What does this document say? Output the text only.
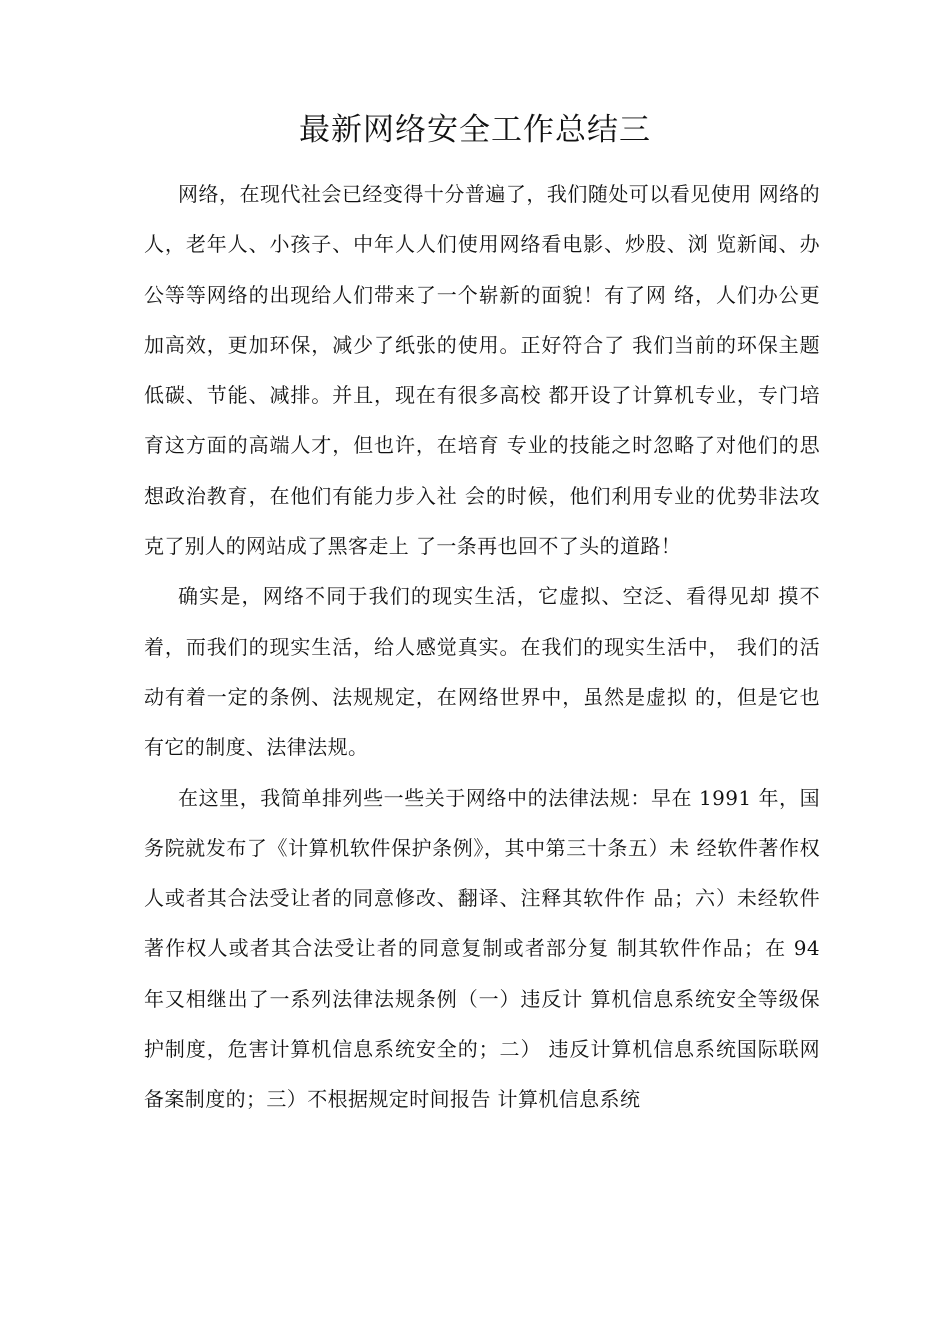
最新网络安全工作总结三

网络，在现代社会已经变得十分普遍了，我们随处可以看见使用 网络的人，老年人、小孩子、中年人人们使用网络看电影、炒股、浏 览新闻、办公等等网络的出现给人们带来了一个崭新的面貌！有了网 络，人们办公更加高效，更加环保，减少了纸张的使用。正好符合了 我们当前的环保主题 低碳、节能、减排。并且，现在有很多高校 都开设了计算机专业，专门培育这方面的高端人才，但也许，在培育 专业的技能之时忽略了对他们的思想政治教育，在他们有能力步入社 会的时候，他们利用专业的优势非法攻克了别人的网站成了黑客走上 了一条再也回不了头的道路！

确实是，网络不同于我们的现实生活，它虚拟、空泛、看得见却 摸不着，而我们的现实生活，给人感觉真实。在我们的现实生活中， 我们的活动有着一定的条例、法规规定，在网络世界中，虽然是虚拟 的，但是它也有它的制度、法律法规。

在这里，我简单排列些一些关于网络中的法律法规：早在 1991 年，国务院就发布了《计算机软件保护条例》，其中第三十条五）未 经软件著作权人或者其合法受让者的同意修改、翻译、注释其软件作 品；六）未经软件著作权人或者其合法受让者的同意复制或者部分复 制其软件作品；在 94 年又相继出了一系列法律法规条例（一）违反计 算机信息系统安全等级保护制度，危害计算机信息系统安全的；二） 违反计算机信息系统国际联网备案制度的；三）不根据规定时间报告 计算机信息系统
